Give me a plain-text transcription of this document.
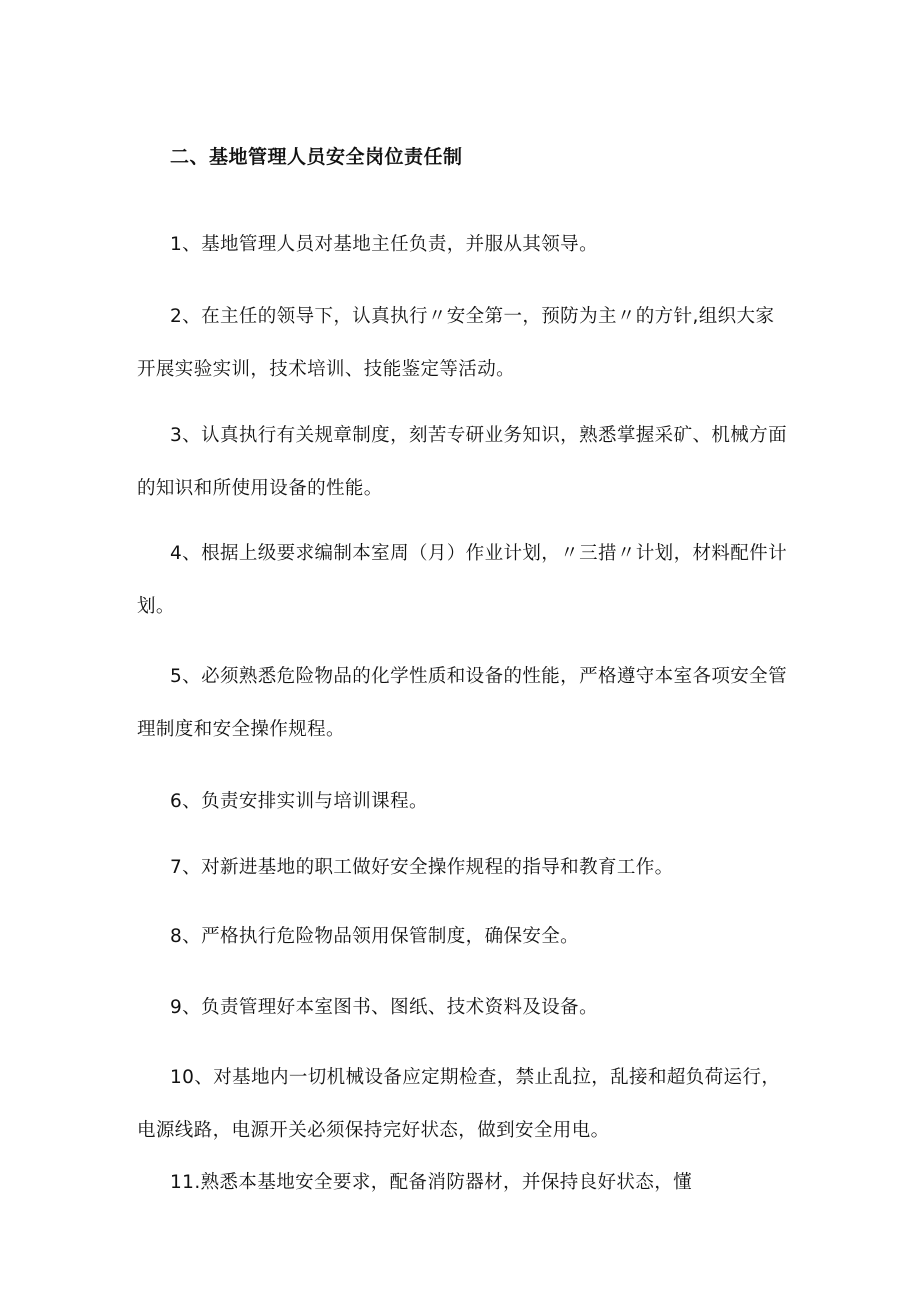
二、基地管理人员安全岗位责任制

1、基地管理人员对基地主任负责，并服从其领导。

2、在主任的领导下，认真执行〃安全第一，预防为主〃的方针,组织大家开展实验实训，技术培训、技能鉴定等活动。

3、认真执行有关规章制度，刻苦专研业务知识，熟悉掌握采矿、机械方面的知识和所使用设备的性能。

4、根据上级要求编制本室周（月）作业计划，〃三措〃计划，材料配件计划。

5、必须熟悉危险物品的化学性质和设备的性能，严格遵守本室各项安全管理制度和安全操作规程。

6、负责安排实训与培训课程。

7、对新进基地的职工做好安全操作规程的指导和教育工作。

8、严格执行危险物品领用保管制度，确保安全。

9、负责管理好本室图书、图纸、技术资料及设备。

10、对基地内一切机械设备应定期检查，禁止乱拉，乱接和超负荷运行，电源线路，电源开关必须保持完好状态，做到安全用电。

11.熟悉本基地安全要求，配备消防器材，并保持良好状态，懂
